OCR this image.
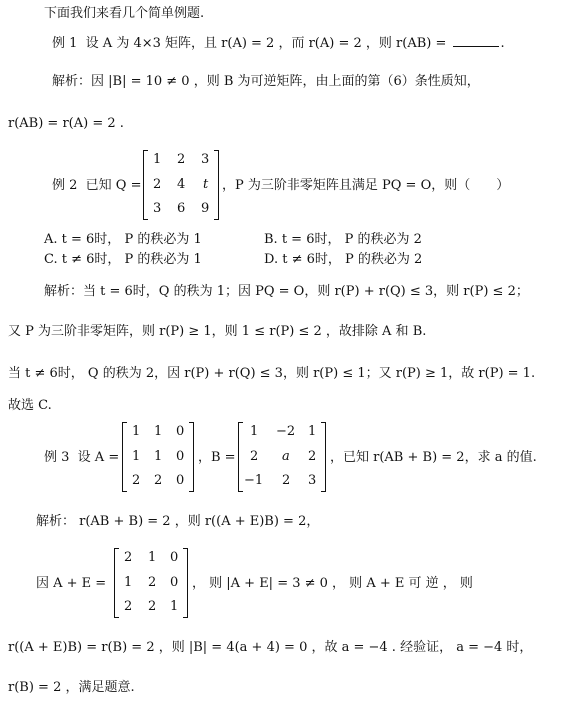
下面我们来看几个简单例题.
例 1 设 A 为 4×3 矩阵，且 r(A) = 2 ，而 r(A) = 2 ，则 r(AB) =	.
解析：因 |B| = 10 ≠ 0 ，则 B 为可逆矩阵，由上面的第（6）条性质知，
r(AB) = r(A) = 2 .
例 2 已知 Q =
1 2 3
2 4 t
3 6 9
，P 为三阶非零矩阵且满足 PQ = O，则（　　）
A. t = 6时， P 的秩必为 1	B. t = 6时， P 的秩必为 2
C. t ≠ 6时， P 的秩必为 1	D. t ≠ 6时， P 的秩必为 2
解析：当 t = 6时，Q 的秩为 1；因 PQ = O，则 r(P) + r(Q) ≤ 3，则 r(P) ≤ 2；
又 P 为三阶非零矩阵，则 r(P) ≥ 1，则 1 ≤ r(P) ≤ 2 ，故排除 A 和 B.
当 t ≠ 6时， Q 的秩为 2，因 r(P) + r(Q) ≤ 3，则 r(P) ≤ 1；又 r(P) ≥ 1，故 r(P) = 1.
故选 C.
例 3 设 A =
1 1 0
1 1 0
2 2 0
，B =
1 −2 1
2 a 2
−1 2 3
，已知 r(AB + B) = 2，求 a 的值.
解析： r(AB + B) = 2 ，则 r((A + E)B) = 2，
因 A + E =
2 1 0
1 2 0
2 2 1
， 则 |A + E| = 3 ≠ 0 ， 则 A + E 可 逆 ， 则
r((A + E)B) = r(B) = 2 ，则 |B| = 4(a + 4) = 0 ，故 a = −4 . 经验证， a = −4 时，
r(B) = 2 ，满足题意.
